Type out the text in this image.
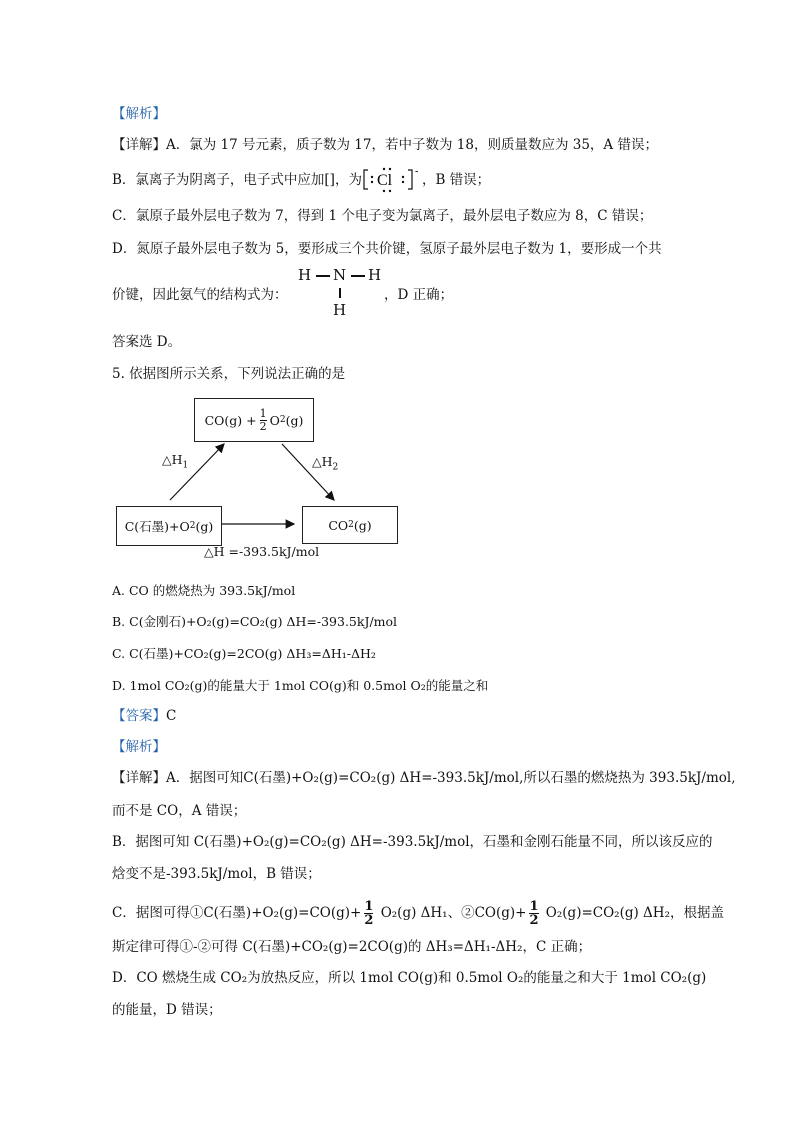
【解析】
【详解】A．氯为 17 号元素，质子数为 17，若中子数为 18，则质量数应为 35，A 错误；
B．氯离子为阴离子，电子式中应加[]，为 Cl
-
，B 错误；
C．氯原子最外层电子数为 7，得到 1 个电子变为氯离子，最外层电子数应为 8，C 错误；
D．氮原子最外层电子数为 5，要形成三个共价键，氢原子最外层电子数为 1，要形成一个共
价键，因此氨气的结构式为：
H N H
H
，D 正确；
答案选 D。
5. 依据图所示关系，下列说法正确的是
$CO(g) + \frac{1}{2}$ O 2 (g)
C(石墨)+O 2 (g)	CO 2 (g)
$\triangle H_1$	$\triangle H_2$
△H =-393.5kJ/mol
A. CO 的燃烧热为 393.5kJ/mol
B. C(金刚石)+O₂(g)=CO₂(g) ΔH=-393.5kJ/mol
C. C(石墨)+CO₂(g)=2CO(g) ΔH₃=ΔH₁-ΔH₂
D. 1mol CO₂(g)的能量大于 1mol CO(g)和 0.5mol O₂的能量之和
【答案】C
【解析】
【详解】A．据图可知C(石墨)+O₂(g)=CO₂(g) ΔH=-393.5kJ/mol,所以石墨的燃烧热为 393.5kJ/mol,
而不是 CO，A 错误；
B．据图可知 C(石墨)+O₂(g)=CO₂(g) ΔH=-393.5kJ/mol，石墨和金刚石能量不同，所以该反应的
焓变不是-393.5kJ/mol，B 错误；
C．据图可得①C(石墨)$+O_2(g)=CO(g)+ \frac{1}{2} O_2(g)$ ΔH₁、②CO(g)+ $\frac{1}{2} O_2(g)=CO_2(g)$ ΔH₂，根据盖
斯定律可得①-②可得 C(石墨)+CO₂(g)=2CO(g)的 ΔH₃=ΔH₁-ΔH₂，C 正确；
D．CO 燃烧生成 CO₂为放热反应，所以 1mol CO(g)和 0.5mol O₂的能量之和大于 1mol CO₂(g)
的能量，D 错误；
